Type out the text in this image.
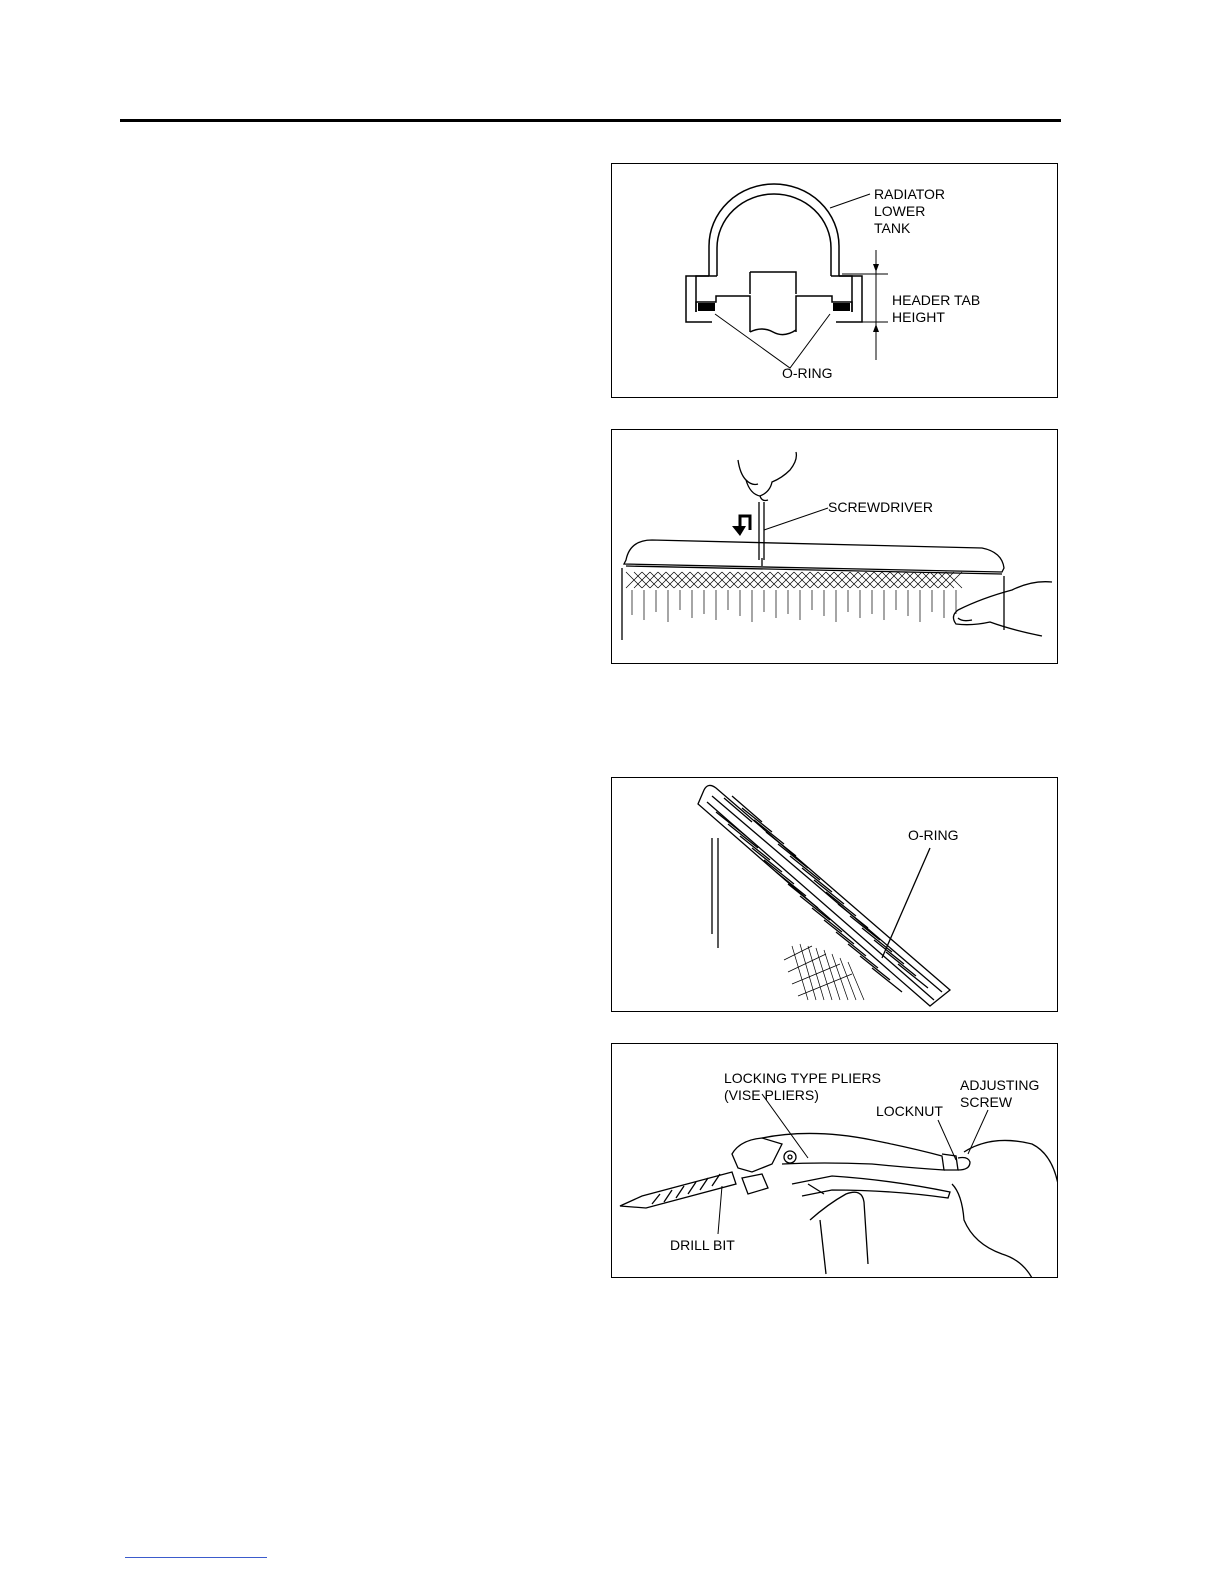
RADIATOR
LOWER
TANK
HEADER TAB
HEIGHT
O-RING
SCREWDRIVER
O-RING
LOCKING TYPE PLIERS
(VISE PLIERS)
LOCKNUT
ADJUSTING
SCREW
DRILL BIT
